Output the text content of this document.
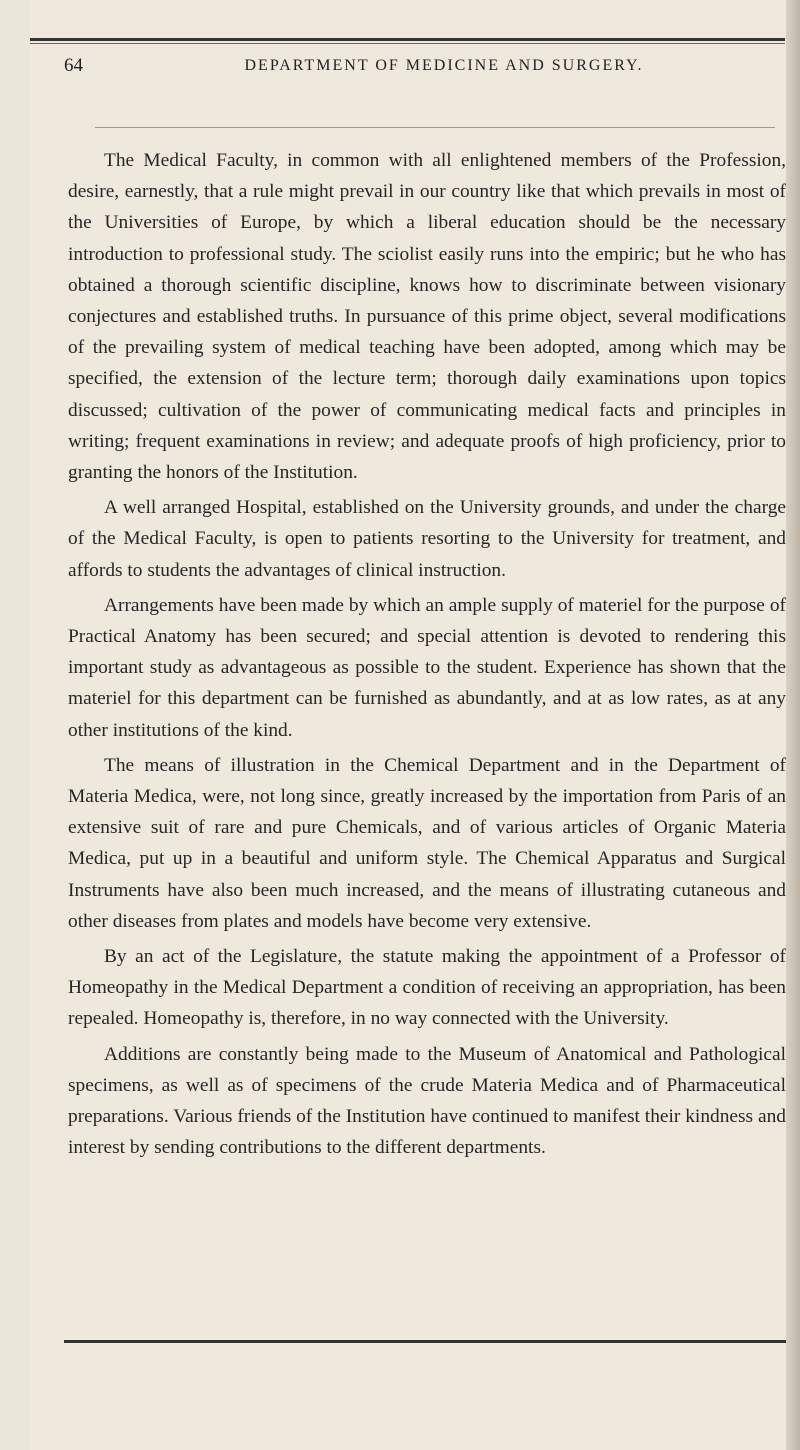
64	DEPARTMENT OF MEDICINE AND SURGERY.

The Medical Faculty, in common with all enlightened members of the Profession, desire, earnestly, that a rule might prevail in our country like that which prevails in most of the Universities of Europe, by which a liberal education should be the necessary introduction to professional study. The sciolist easily runs into the empiric; but he who has obtained a thorough scientific discipline, knows how to discriminate between visionary conjectures and established truths. In pursuance of this prime object, several modifications of the prevailing system of medical teaching have been adopted, among which may be specified, the extension of the lecture term; thorough daily examinations upon topics discussed; cultivation of the power of communicating medical facts and principles in writing; frequent examinations in review; and adequate proofs of high proficiency, prior to granting the honors of the Institution.

A well arranged Hospital, established on the University grounds, and under the charge of the Medical Faculty, is open to patients resorting to the University for treatment, and affords to students the advantages of clinical instruction.

Arrangements have been made by which an ample supply of materiel for the purpose of Practical Anatomy has been secured; and special attention is devoted to rendering this important study as advantageous as possible to the student. Experience has shown that the materiel for this department can be furnished as abundantly, and at as low rates, as at any other institutions of the kind.

The means of illustration in the Chemical Department and in the Department of Materia Medica, were, not long since, greatly increased by the importation from Paris of an extensive suit of rare and pure Chemicals, and of various articles of Organic Materia Medica, put up in a beautiful and uniform style. The Chemical Apparatus and Surgical Instruments have also been much increased, and the means of illustrating cutaneous and other diseases from plates and models have become very extensive.

By an act of the Legislature, the statute making the appointment of a Professor of Homeopathy in the Medical Department a condition of receiving an appropriation, has been repealed. Homeopathy is, therefore, in no way connected with the University.

Additions are constantly being made to the Museum of Anatomical and Pathological specimens, as well as of specimens of the crude Materia Medica and of Pharmaceutical preparations. Various friends of the Institution have continued to manifest their kindness and interest by sending contributions to the different departments.
